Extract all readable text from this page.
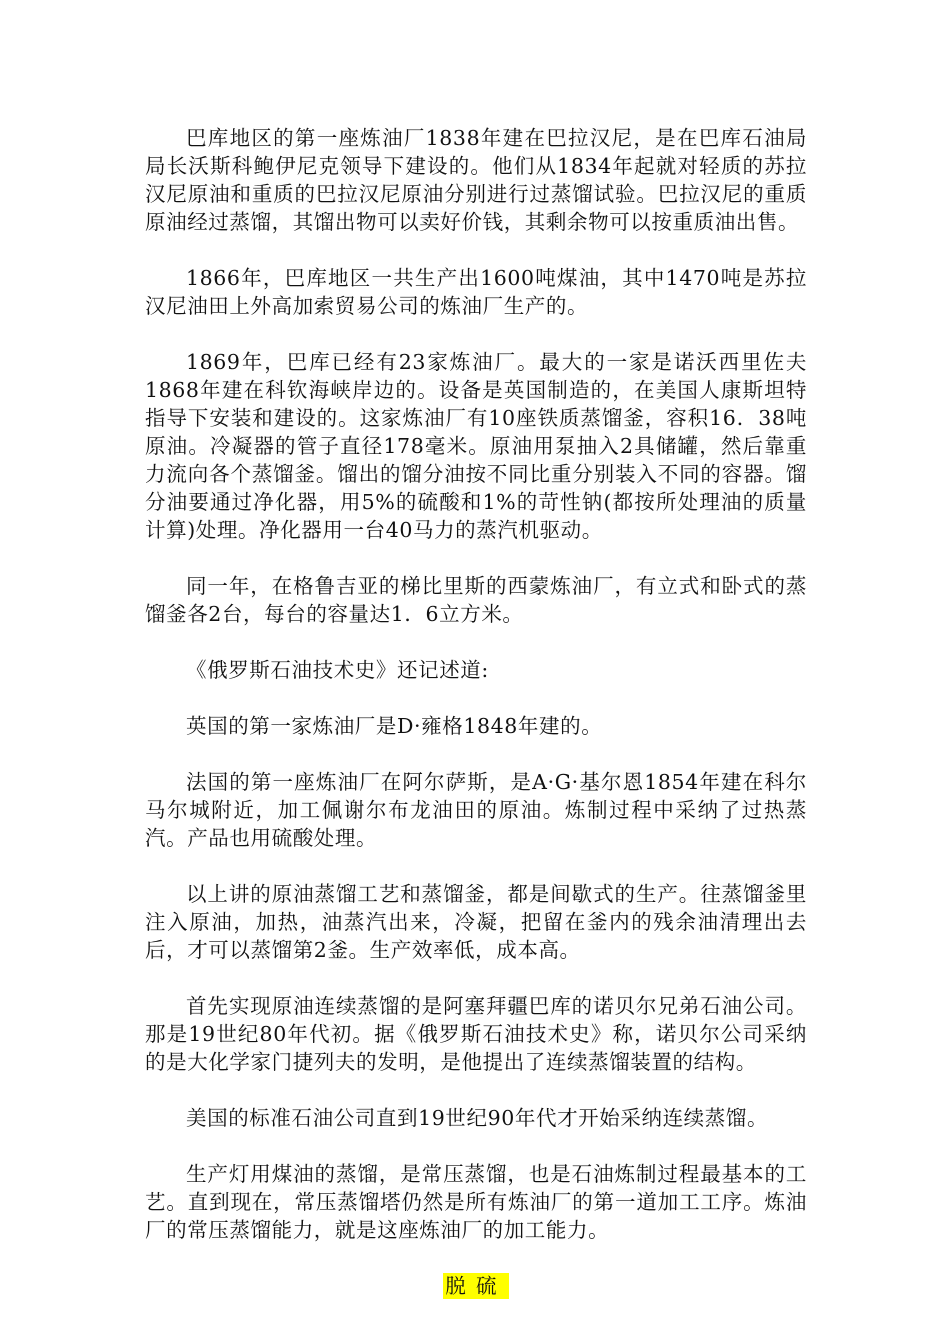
巴库地区的第一座炼油厂1838年建在巴拉汉尼，是在巴库石油局局长沃斯科鲍伊尼克领导下建设的。他们从1834年起就对轻质的苏拉汉尼原油和重质的巴拉汉尼原油分别进行过蒸馏试验。巴拉汉尼的重质原油经过蒸馏，其馏出物可以卖好价钱，其剩余物可以按重质油出售。

1866年，巴库地区一共生产出1600吨煤油，其中1470吨是苏拉汉尼油田上外高加索贸易公司的炼油厂生产的。

1869年，巴库已经有23家炼油厂。最大的一家是诺沃西里佐夫1868年建在科钦海峡岸边的。设备是英国制造的，在美国人康斯坦特指导下安装和建设的。这家炼油厂有10座铁质蒸馏釜，容积16．38吨原油。冷凝器的管子直径178毫米。原油用泵抽入2具储罐，然后靠重力流向各个蒸馏釜。馏出的馏分油按不同比重分别装入不同的容器。馏分油要通过净化器，用5%的硫酸和1%的苛性钠(都按所处理油的质量计算)处理。净化器用一台40马力的蒸汽机驱动。

同一年，在格鲁吉亚的梯比里斯的西蒙炼油厂，有立式和卧式的蒸馏釜各2台，每台的容量达1．6立方米。

《俄罗斯石油技术史》还记述道:

英国的第一家炼油厂是D·雍格1848年建的。

法国的第一座炼油厂在阿尔萨斯，是A·G·基尔恩1854年建在科尔马尔城附近，加工佩谢尔布龙油田的原油。炼制过程中采纳了过热蒸汽。产品也用硫酸处理。

以上讲的原油蒸馏工艺和蒸馏釜，都是间歇式的生产。往蒸馏釜里注入原油，加热，油蒸汽出来，冷凝，把留在釜内的残余油清理出去后，才可以蒸馏第2釜。生产效率低，成本高。

首先实现原油连续蒸馏的是阿塞拜疆巴库的诺贝尔兄弟石油公司。那是19世纪80年代初。据《俄罗斯石油技术史》称，诺贝尔公司采纳的是大化学家门捷列夫的发明，是他提出了连续蒸馏装置的结构。

美国的标准石油公司直到19世纪90年代才开始采纳连续蒸馏。

生产灯用煤油的蒸馏，是常压蒸馏，也是石油炼制过程最基本的工艺。直到现在，常压蒸馏塔仍然是所有炼油厂的第一道加工工序。炼油厂的常压蒸馏能力，就是这座炼油厂的加工能力。

脱硫
